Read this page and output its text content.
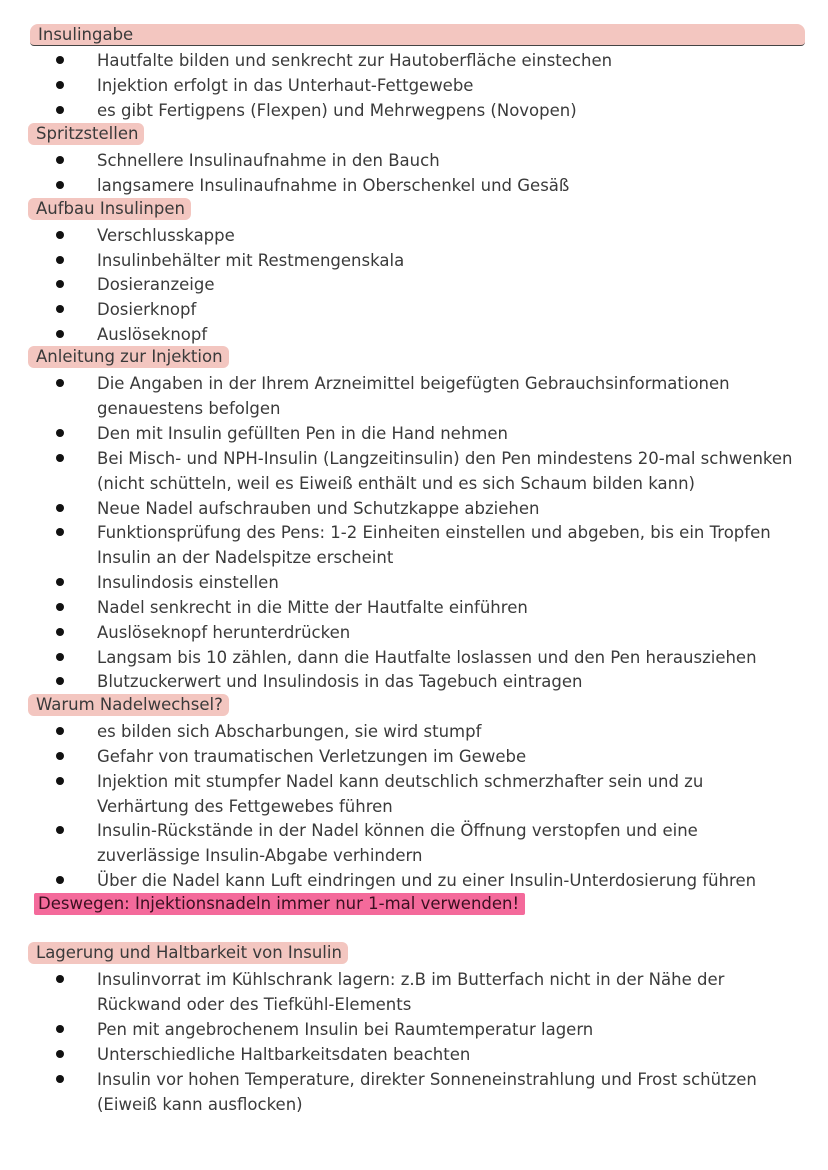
Insulingabe
Hautfalte bilden und senkrecht zur Hautoberfläche einstechen
Injektion erfolgt in das Unterhaut-Fettgewebe
es gibt Fertigpens (Flexpen) und Mehrwegpens (Novopen)
Spritzstellen
Schnellere Insulinaufnahme in den Bauch
langsamere Insulinaufnahme in Oberschenkel und Gesäß
Aufbau Insulinpen
Verschlusskappe
Insulinbehälter mit Restmengenskala
Dosieranzeige
Dosierknopf
Auslöseknopf
Anleitung zur Injektion
Die Angaben in der Ihrem Arzneimittel beigefügten Gebrauchsinformationen genauestens befolgen
Den mit Insulin gefüllten Pen in die Hand nehmen
Bei Misch- und NPH-Insulin (Langzeitinsulin) den Pen mindestens 20-mal schwenken (nicht schütteln, weil es Eiweiß enthält und es sich Schaum bilden kann)
Neue Nadel aufschrauben und Schutzkappe abziehen
Funktionsprüfung des Pens: 1-2 Einheiten einstellen und abgeben, bis ein Tropfen Insulin an der Nadelspitze erscheint
Insulindosis einstellen
Nadel senkrecht in die Mitte der Hautfalte einführen
Auslöseknopf herunterdrücken
Langsam bis 10 zählen, dann die Hautfalte loslassen und den Pen herausziehen
Blutzuckerwert und Insulindosis in das Tagebuch eintragen
Warum Nadelwechsel?
es bilden sich Abscharbungen, sie wird stumpf
Gefahr von traumatischen Verletzungen im Gewebe
Injektion mit stumpfer Nadel kann deutschlich schmerzhafter sein und zu Verhärtung des Fettgewebes führen
Insulin-Rückstände in der Nadel können die Öffnung verstopfen und eine zuverlässige Insulin-Abgabe verhindern
Über die Nadel kann Luft eindringen und zu einer Insulin-Unterdosierung führen
Deswegen: Injektionsnadeln immer nur 1-mal verwenden!
Lagerung und Haltbarkeit von Insulin
Insulinvorrat im Kühlschrank lagern: z.B im Butterfach nicht in der Nähe der Rückwand oder des Tiefkühl-Elements
Pen mit angebrochenem Insulin bei Raumtemperatur lagern
Unterschiedliche Haltbarkeitsdaten beachten
Insulin vor hohen Temperature, direkter Sonneneinstrahlung und Frost schützen (Eiweiß kann ausflocken)
